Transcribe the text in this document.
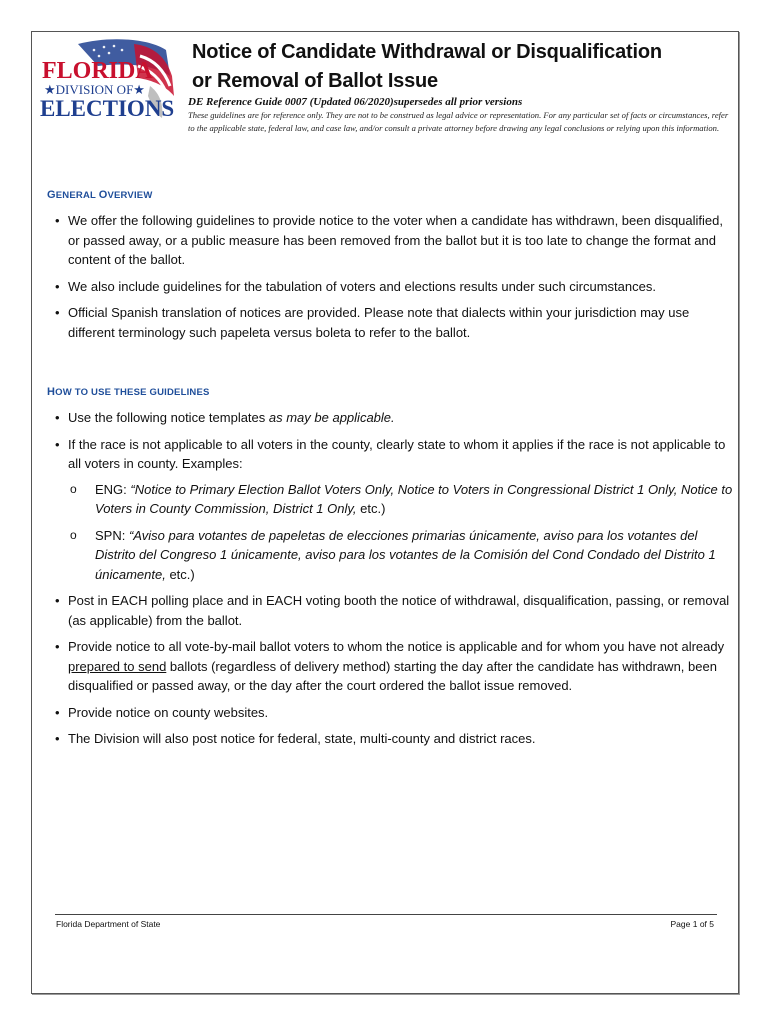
FLORIDA
★DIVISION OF★
ELECTIONS
Notice of Candidate Withdrawal or Disqualification
or Removal of Ballot Issue
DE Reference Guide 0007 (Updated 06/2020)supersedes all prior versions
These guidelines are for reference only. They are not to be construed as legal advice or representation. For any particular set of facts or circumstances, refer to the applicable state, federal law, and case law, and/or consult a private attorney before drawing any legal conclusions or relying upon this information.
GENERAL OVERVIEW
• We offer the following guidelines to provide notice to the voter when a candidate has withdrawn, been disqualified, or passed away, or a public measure has been removed from the ballot but it is too late to change the format and content of the ballot.
• We also include guidelines for the tabulation of voters and elections results under such circumstances.
• Official Spanish translation of notices are provided. Please note that dialects within your jurisdiction may use different terminology such papeleta versus boleta to refer to the ballot.
HOW TO USE THESE GUIDELINES
• Use the following notice templates as may be applicable.
• If the race is not applicable to all voters in the county, clearly state to whom it applies if the race is not applicable to all voters in county. Examples:
o ENG: “Notice to Primary Election Ballot Voters Only, Notice to Voters in Congressional District 1 Only, Notice to Voters in County Commission, District 1 Only, etc.)
o SPN: “Aviso para votantes de papeletas de elecciones primarias únicamente, aviso para los votantes del Distrito del Congreso 1 únicamente, aviso para los votantes de la Comisión del Cond Condado del Distrito 1 únicamente, etc.)
• Post in EACH polling place and in EACH voting booth the notice of withdrawal, disqualification, passing, or removal (as applicable) from the ballot.
• Provide notice to all vote-by-mail ballot voters to whom the notice is applicable and for whom you have not already prepared to send ballots (regardless of delivery method) starting the day after the candidate has withdrawn, been disqualified or passed away, or the day after the court ordered the ballot issue removed.
• Provide notice on county websites.
• The Division will also post notice for federal, state, multi-county and district races.
Florida Department of State	Page 1 of 5
